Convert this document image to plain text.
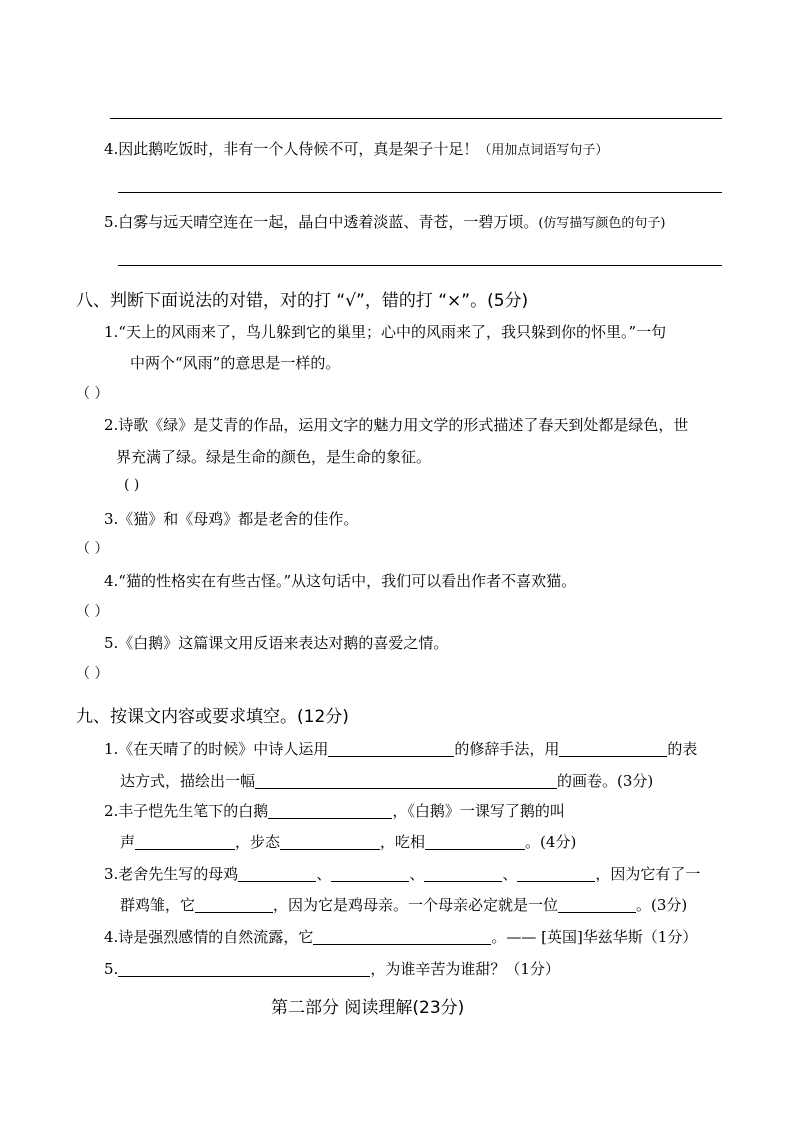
4.因此鹅吃饭时，非有一个人侍候不可，真是架子十足！（用加点词语写句子）
5.白雾与远天晴空连在一起，晶白中透着淡蓝、青苍，一碧万顷。(仿写描写颜色的句子)
八、判断下面说法的对错，对的打 “√”，错的打 “×”。(5分)
1.“天上的风雨来了，鸟儿躲到它的巢里；心中的风雨来了，我只躲到你的怀里。”一句
中两个“风雨”的意思是一样的。
（ ）
2.诗歌《绿》是艾青的作品，运用文字的魅力用文学的形式描述了春天到处都是绿色，世
界充满了绿。绿是生命的颜色，是生命的象征。
( )
3.《猫》和《母鸡》都是老舍的佳作。
（ ）
4.“猫的性格实在有些古怪。”从这句话中，我们可以看出作者不喜欢猫。
（ ）
5.《白鹅》这篇课文用反语来表达对鹅的喜爱之情。
（ ）
九、按课文内容或要求填空。(12分)
1.《在天晴了的时候》中诗人运用	的修辞手法，用	的表
达方式，描绘出一幅	的画卷。(3分)
2.丰子恺先生笔下的白鹅	，《白鹅》一课写了鹅的叫
声	，步态	，吃相	。(4分)
3.老舍先生写的母鸡	、	、	、	，因为它有了一
群鸡雏，它	，因为它是鸡母亲。一个母亲必定就是一位	。(3分)
4.诗是强烈感情的自然流露，它	。—— [英国]华兹华斯（1分）
5.	，为谁辛苦为谁甜？（1分）
第二部分 阅读理解(23分)
